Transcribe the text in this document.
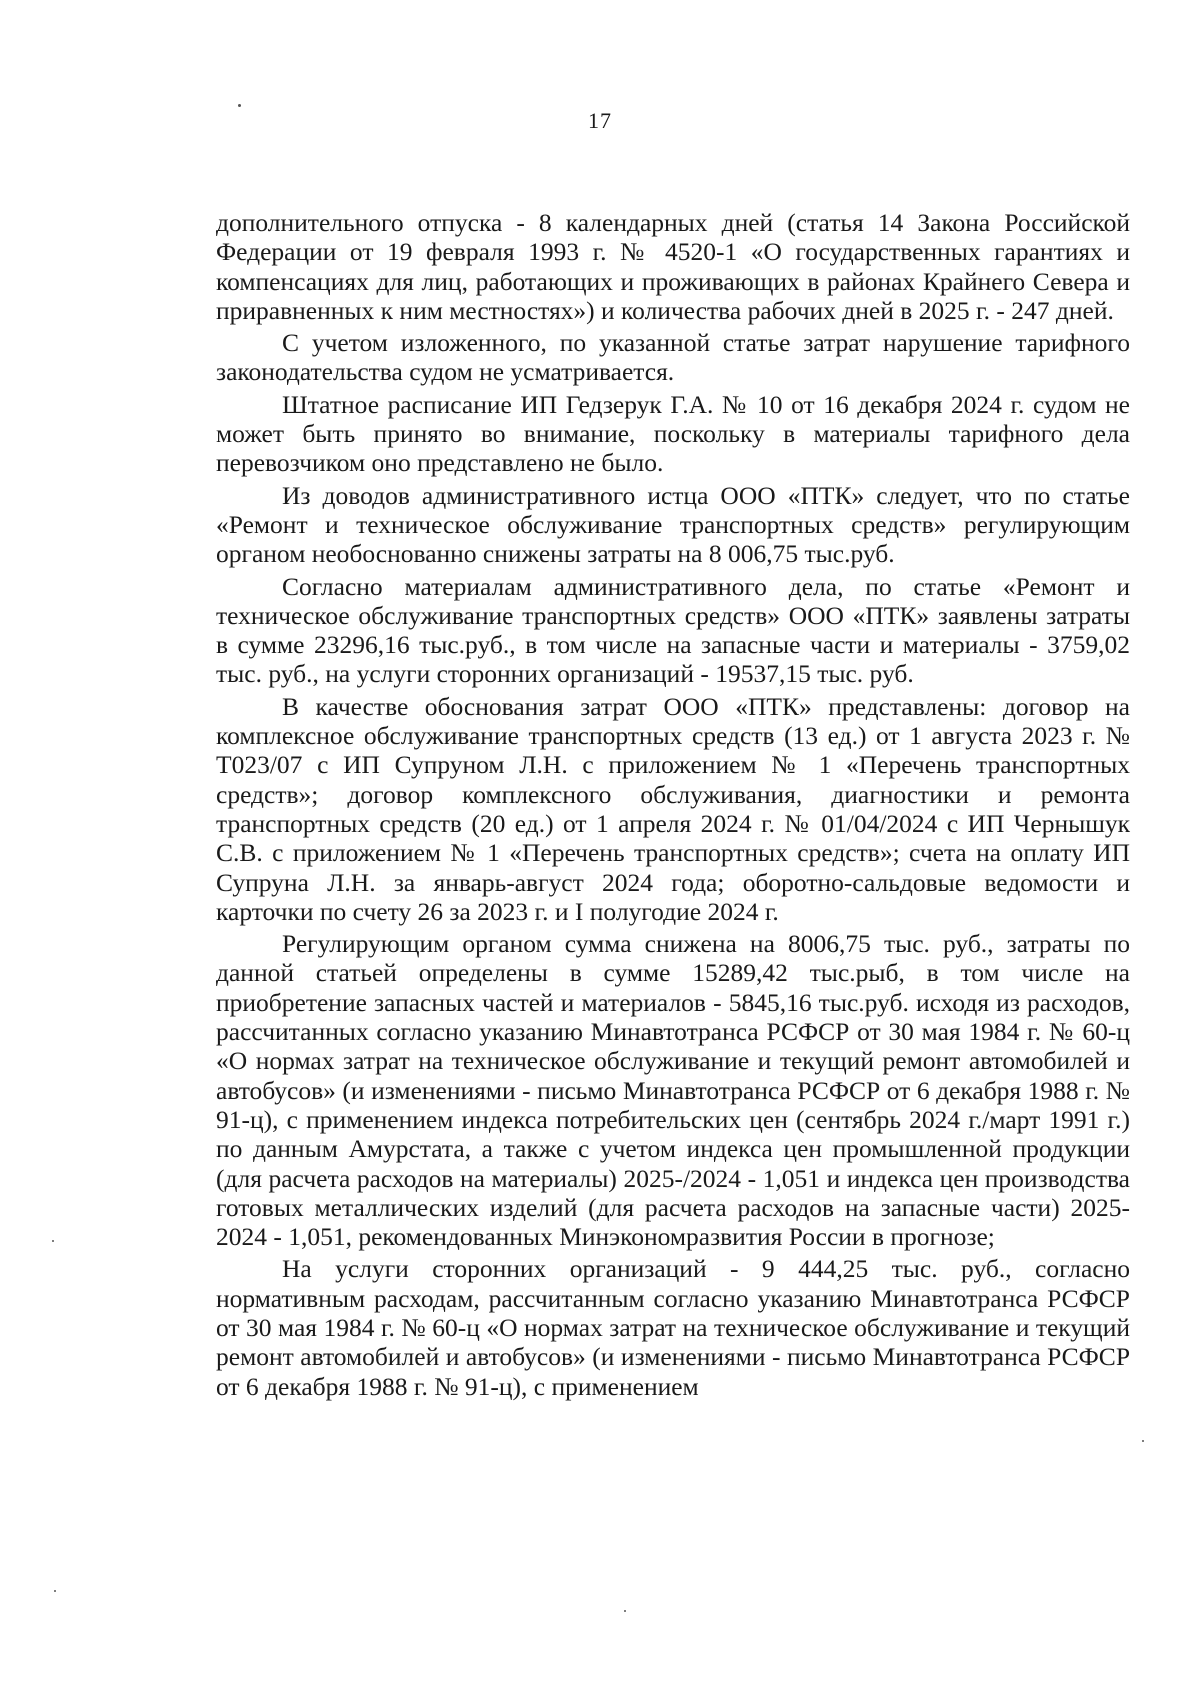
17

дополнительного отпуска - 8 календарных дней (статья 14 Закона Российской Федерации от 19 февраля 1993 г. № 4520-1 «О государственных гарантиях и компенсациях для лиц, работающих и проживающих в районах Крайнего Севера и приравненных к ним местностях») и количества рабочих дней в 2025 г. - 247 дней.

С учетом изложенного, по указанной статье затрат нарушение тарифного законодательства судом не усматривается.

Штатное расписание ИП Гедзерук Г.А. № 10 от 16 декабря 2024 г. судом не может быть принято во внимание, поскольку в материалы тарифного дела перевозчиком оно представлено не было.

Из доводов административного истца ООО «ПТК» следует, что по статье «Ремонт и техническое обслуживание транспортных средств» регулирующим органом необоснованно снижены затраты на 8 006,75 тыс.руб.

Согласно материалам административного дела, по статье «Ремонт и техническое обслуживание транспортных средств» ООО «ПТК» заявлены затраты в сумме 23296,16 тыс.руб., в том числе на запасные части и материалы - 3759,02 тыс. руб., на услуги сторонних организаций - 19537,15 тыс. руб.

В качестве обоснования затрат ООО «ПТК» представлены: договор на комплексное обслуживание транспортных средств (13 ед.) от 1 августа 2023 г. № Т023/07 с ИП Супруном Л.Н. с приложением № 1 «Перечень транспортных средств»; договор комплексного обслуживания, диагностики и ремонта транспортных средств (20 ед.) от 1 апреля 2024 г. № 01/04/2024 с ИП Чернышук С.В. с приложением № 1 «Перечень транспортных средств»; счета на оплату ИП Супруна Л.Н. за январь-август 2024 года; оборотно-сальдовые ведомости и карточки по счету 26 за 2023 г. и I полугодие 2024 г.

Регулирующим органом сумма снижена на 8006,75 тыс. руб., затраты по данной статьей определены в сумме 15289,42 тыс.рыб, в том числе на приобретение запасных частей и материалов - 5845,16 тыс.руб. исходя из расходов, рассчитанных согласно указанию Минавтотранса РСФСР от 30 мая 1984 г. № 60-ц «О нормах затрат на техническое обслуживание и текущий ремонт автомобилей и автобусов» (и изменениями - письмо Минавтотранса РСФСР от 6 декабря 1988 г. № 91-ц), с применением индекса потребительских цен (сентябрь 2024 г./март 1991 г.) по данным Амурстата, а также с учетом индекса цен промышленной продукции (для расчета расходов на материалы) 2025-/2024 - 1,051 и индекса цен производства готовых металлических изделий (для расчета расходов на запасные части) 2025-2024 - 1,051, рекомендованных Минэкономразвития России в прогнозе;

На услуги сторонних организаций - 9 444,25 тыс. руб., согласно нормативным расходам, рассчитанным согласно указанию Минавтотранса РСФСР от 30 мая 1984 г. № 60-ц «О нормах затрат на техническое обслуживание и текущий ремонт автомобилей и автобусов» (и изменениями - письмо Минавтотранса РСФСР от 6 декабря 1988 г. № 91-ц), с применением
